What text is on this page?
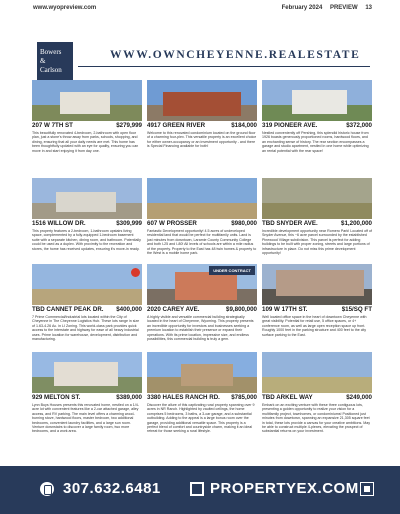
www.wyopreview.com	February 2024 PREVIEW 13
Bowers
&
Carlson
WWW.OWNCHEYENNE.REALESTATE
207 W 7TH ST	$279,999
This beautifully renovated 4-bedroom, 2-bathroom with open floor plan, just a stone's throw away from parks, schools, shopping, and dining, ensuring that all your daily needs are met. This home has been thoughtfully updated with an eye for quality, ensuring you can move in and start enjoying it from day one.
4917 GREEN RIVER	$184,000
Welcome to this renovated condominium located on the ground floor of a charming four-plex. This versatile property is an excellent choice for either owner-occupancy or an investment opportunity - and there is Special Financing available for both!
319 PIONEER AVE.	$372,000
Nestled conveniently off Pershing, this splendid historic house from 1926 boasts generously proportioned rooms, hardwood floors, and an enchanting sense of history. The rear section encompasses a garage and studio apartment, nestled in one home while optimizing an rental potential with the rear space!
1516 WILLOW DR.	$309,999
This property features a 2-bedroom, 1-bathroom upstairs living space, complemented by a fully-equipped 1-bedroom basement suite with a separate kitchen, dining room, and bathroom. Potentially could be used as a duplex. With proximity to the recreation and stores, the home has received updates, ensuring it's move-in ready.
607 W PROSSER	$980,000
Fantastic Development opportunity! 4.5 acres of undeveloped residential land that would be perfect for multifamily units. Land is just minutes from downtown, Laramie County Community College and both I-25 and I-80! All levels of schools are within a mile radius of the property. Property to the East has 48 twin homes & property to the West is a mobile home park.
TBD SNYDER AVE.	$1,200,000
Incredible development opportunity near Romero Park! Located off of Snyder Avenue, this ~6 acre parcel surrounded by the established Pinewood Village subdivision. This parcel is perfect for adding buildings to be built with proper zoning, streets and large portions of infrastructure in place. Do not miss this prime development opportunity!
TBD CANNET PEAK DR. $400,000
7 Prime Commercial/Industrial lots located within the City of Cheyenne in The Cheyenne Logistics Hub. These lots range in size of 1.63-4.26 Ac. in LI Zoning. This world-class park provides quick access to the interstate and highway for ease of all heavy industrial uses. Prime location for warehouse, development, distribution and manufacturing.
UNDER CONTRACT
2020 CAREY AVE.	$9,800,000
A highly visible and versatile commercial building strategically located in the heart of Cheyenne, Wyoming. This property presents an incredible opportunity for investors and businesses seeking a premium location to establish their presence or expand their operations. With its prime location, impressive size, and endless possibilities, this commercial building is truly a gem.
109 W 17TH ST.	$15/SQ FT
Well located office space in the heart of downtown Cheyenne with great visibility. Potential for retail use, 5 office spaces, or 4+ conference room, as well as large open reception space up front. Roughly 1000 feet in the parking structure and 400 feet to the city surface parking to the East.
929 MELTON ST.	$389,000
Lynn Buys Houses presents this renovated home, nestled on a 1/4-acre lot with convenient features like a 2-car attached garage, alley access, and RV parking. The main level offers a charming wood-burning stove, hardwood floors, master bedroom, two additional bedrooms, convenient laundry facilities, and a large sun room. Venture downstairs to discover a large family room, two more bedrooms, and a work area.
3380 HALES RANCH RD. $785,000
Discover the allure of this captivating rural property spanning over 9 acres in NR Ranch. Highlighted by vaulted ceilings, the home comprises 5 bedrooms, 3 baths, a 3-car garage, and a substantial outbuilding. Adding to the appeal is a large bonus room over the garage, providing additional versatile space. This property is a perfect blend of comfort and countryside charm, making it an ideal retreat for those seeking a rural lifestyle.
TBD ARKEL WAY	$249,000
Embark on an exciting venture with these three contiguous lots, presenting a golden opportunity to realize your vision for a multifamily project, townhomes, or condominiums! Positioned just minutes from downtown, spanning an expansive 21,305 square feet in total, these lots provide a canvas for your creative ambitions. May be able to construct multiple 4-plexes, elevating the prospect of substantial returns on your investment.
307.632.6481	PROPERTYEX.COM
